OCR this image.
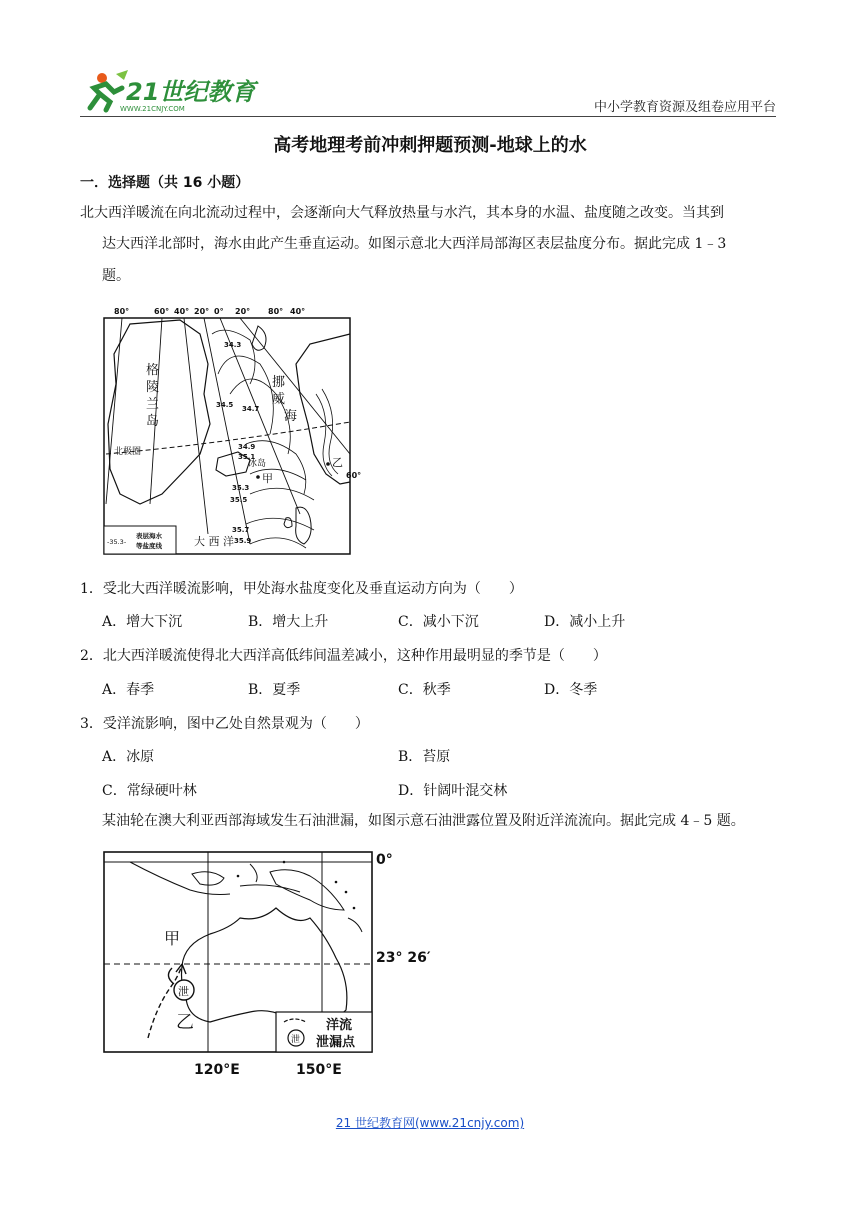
21世纪教育
WWW.21CNJY.COM	中小学教育资源及组卷应用平台
高考地理考前冲刺押题预测-地球上的水
一．选择题（共 16 小题）
北大西洋暖流在向北流动过程中，会逐渐向大气释放热量与水汽，其本身的水温、盐度随之改变。当其到
达大西洋北部时，海水由此产生垂直运动。如图示意北大西洋局部海区表层盐度分布。据此完成 1﹣3
题。
80°	60° 40° 20° 0° 20° 80° 40°
34.3
34.5 34.7
34.9
35.1
35.3
35.5
35.7
35.9
格
陵
兰
岛
挪
威
海
北极圈
冰岛
甲
乙
60°
大 西 洋
-35.3-
表层海水
等盐度线
1．受北大西洋暖流影响，甲处海水盐度变化及垂直运动方向为（　　）
A．增大下沉	B．增大上升	C．减小下沉	D．减小上升
2．北大西洋暖流使得北大西洋高低纬间温差减小，这种作用最明显的季节是（　　）
A．春季	B．夏季	C．秋季	D．冬季
3．受洋流影响，图中乙处自然景观为（　　）
A．冰原	B．苔原
C．常绿硬叶林	D．针阔叶混交林
某油轮在澳大利亚西部海域发生石油泄漏，如图示意石油泄露位置及附近洋流流向。据此完成 4﹣5 题。
泄
甲
乙
0°
23° 26′
120°E	150°E
泄
洋流
泄漏点
21 世纪教育网(www.21cnjy.com)
